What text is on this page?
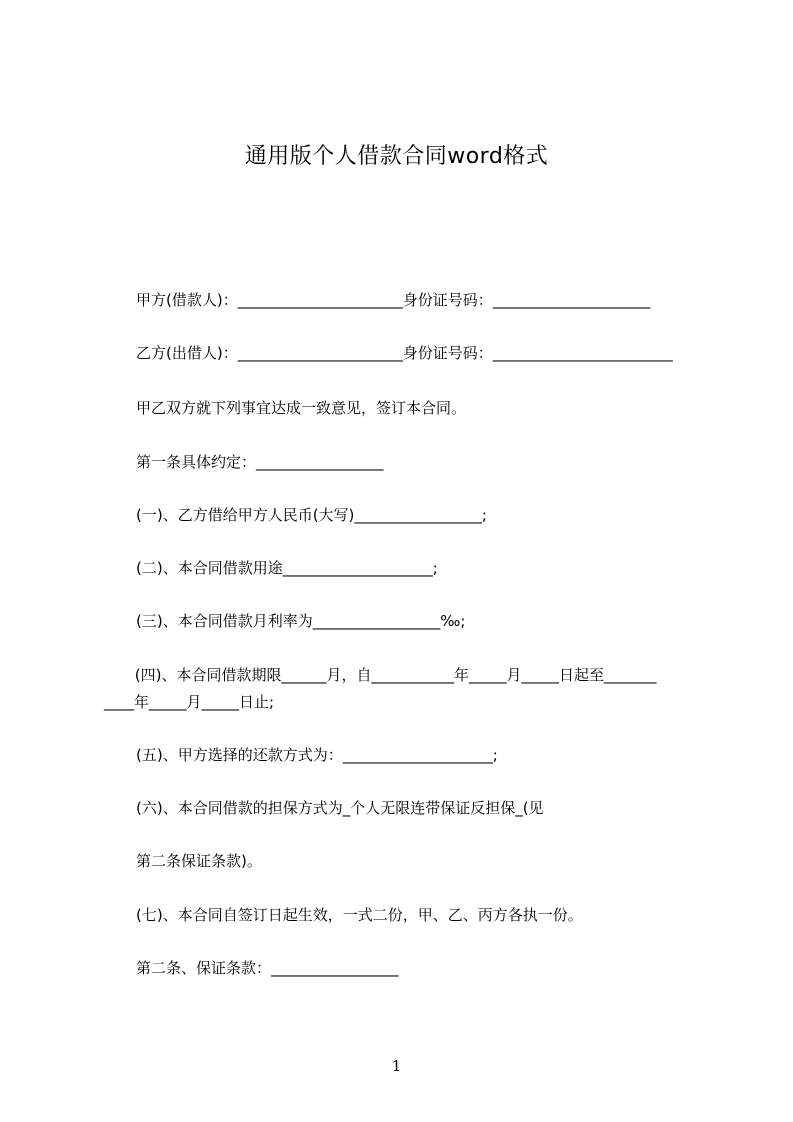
通用版个人借款合同word格式
甲方(借款人)：______________________身份证号码：_____________________
乙方(出借人)：______________________身份证号码：________________________
甲乙双方就下列事宜达成一致意见，签订本合同。
第一条具体约定：_________________
(一)、乙方借给甲方人民币(大写)_________________;
(二)、本合同借款用途____________________;
(三)、本合同借款月利率为_________________‰;
(四)、本合同借款期限______月，自___________年_____月_____日起至_______
____年_____月_____日止;
(五)、甲方选择的还款方式为：____________________;
(六)、本合同借款的担保方式为_个人无限连带保证反担保_(见
第二条保证条款)。
(七)、本合同自签订日起生效，一式二份，甲、乙、丙方各执一份。
第二条、保证条款：_________________
1
